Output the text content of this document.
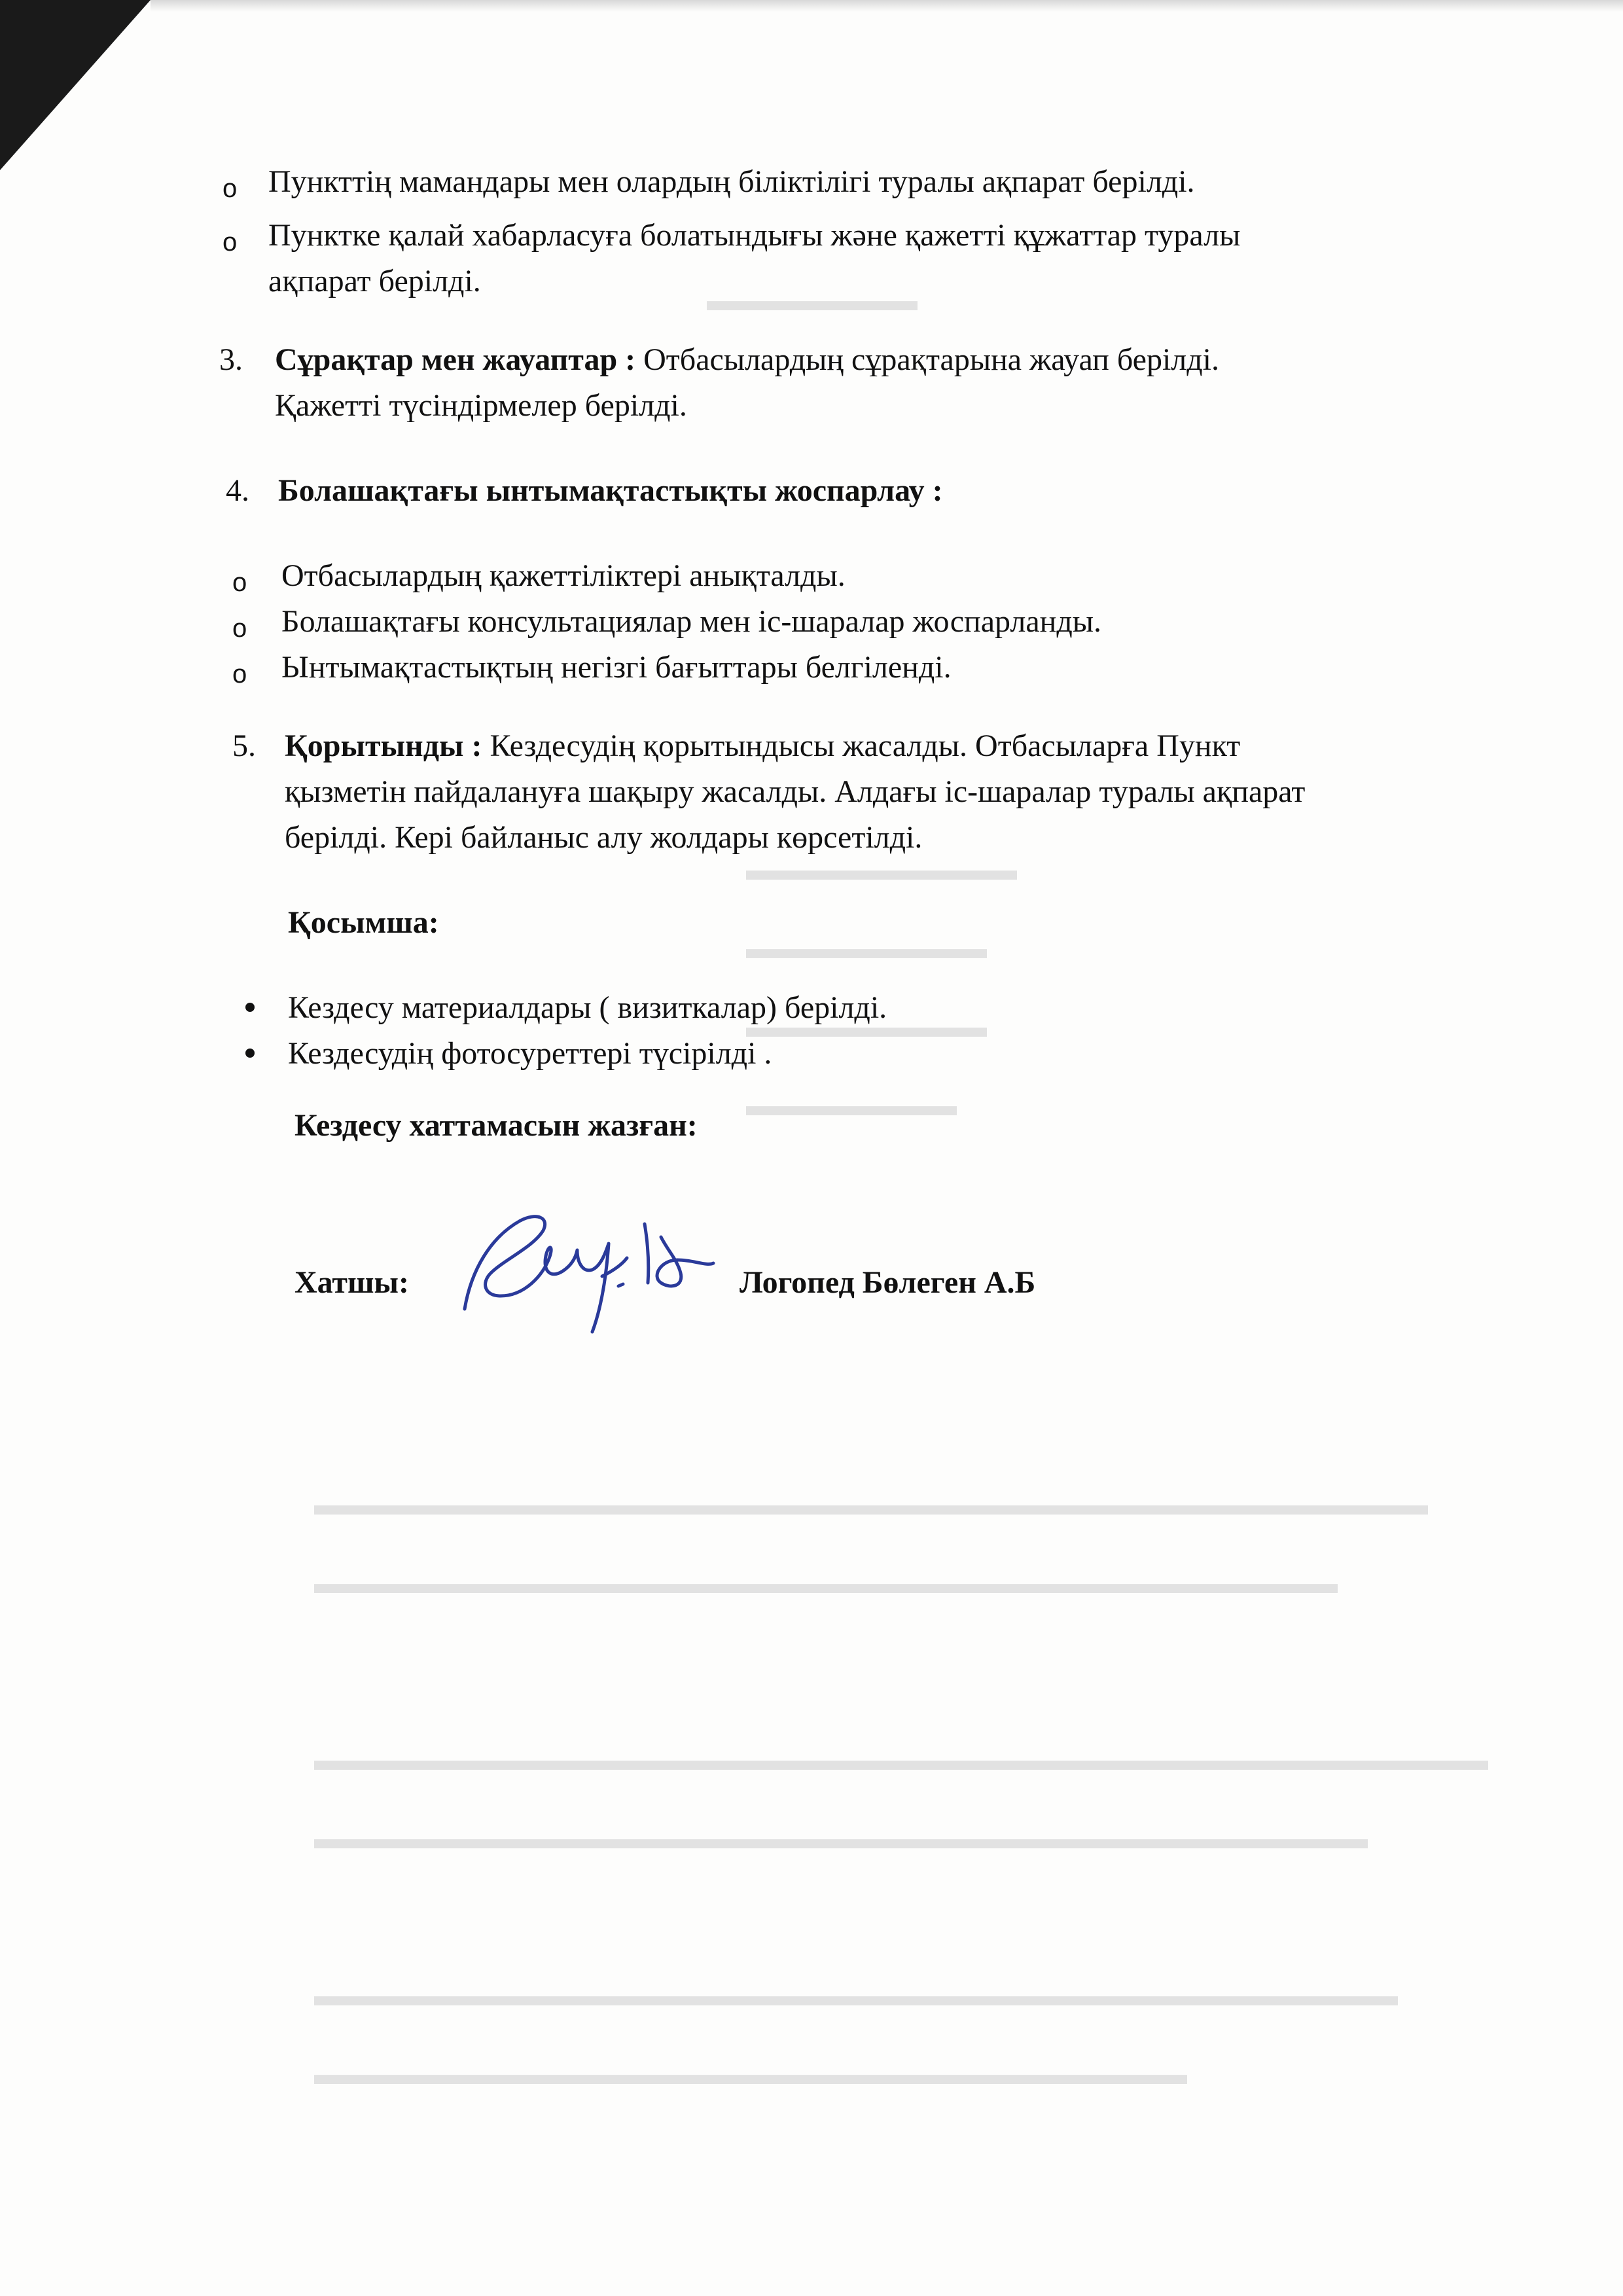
▬▬▬▬▬▬▬
▬▬▬▬▬▬▬▬▬
▬▬▬▬▬▬▬▬
▬▬▬▬▬▬▬▬
▬▬▬▬▬▬▬
▬▬▬▬▬▬▬▬▬▬▬▬▬▬▬▬▬▬▬▬▬▬▬▬▬▬▬▬▬▬▬▬▬▬▬▬▬
▬▬▬▬▬▬▬▬▬▬▬▬▬▬▬▬▬▬▬▬▬▬▬▬▬▬▬▬▬▬▬▬▬▬
▬▬▬▬▬▬▬▬▬▬▬▬▬▬▬▬▬▬▬▬▬▬▬▬▬▬▬▬▬▬▬▬▬▬▬▬▬▬▬
▬▬▬▬▬▬▬▬▬▬▬▬▬▬▬▬▬▬▬▬▬▬▬▬▬▬▬▬▬▬▬▬▬▬▬
▬▬▬▬▬▬▬▬▬▬▬▬▬▬▬▬▬▬▬▬▬▬▬▬▬▬▬▬▬▬▬▬▬▬▬▬
▬▬▬▬▬▬▬▬▬▬▬▬▬▬▬▬▬▬▬▬▬▬▬▬▬▬▬▬▬
o Пункттің мамандары мен олардың біліктілігі туралы ақпарат берілді.
o Пунктке қалай хабарласуға болатындығы және қажетті құжаттар туралы
ақпарат берілді.
3. Сұрақтар мен жауаптар : Отбасылардың сұрақтарына жауап берілді.
Қажетті түсіндірмелер берілді.
4. Болашақтағы ынтымақтастықты жоспарлау :
o Отбасылардың қажеттіліктері анықталды.
o Болашақтағы консультациялар мен іс-шаралар жоспарланды.
o Ынтымақтастықтың негізгі бағыттары белгіленді.
5. Қорытынды : Кездесудің қорытындысы жасалды. Отбасыларға Пункт
қызметін пайдалануға шақыру жасалды. Алдағы іс-шаралар туралы ақпарат
берілді. Кері байланыс алу жолдары көрсетілді.
Қосымша:
Кездесу материалдары ( визиткалар) берілді.
Кездесудің фотосуреттері түсірілді .
Кездесу хаттамасын жазған:
Хатшы:	Логопед Бөлеген А.Б
